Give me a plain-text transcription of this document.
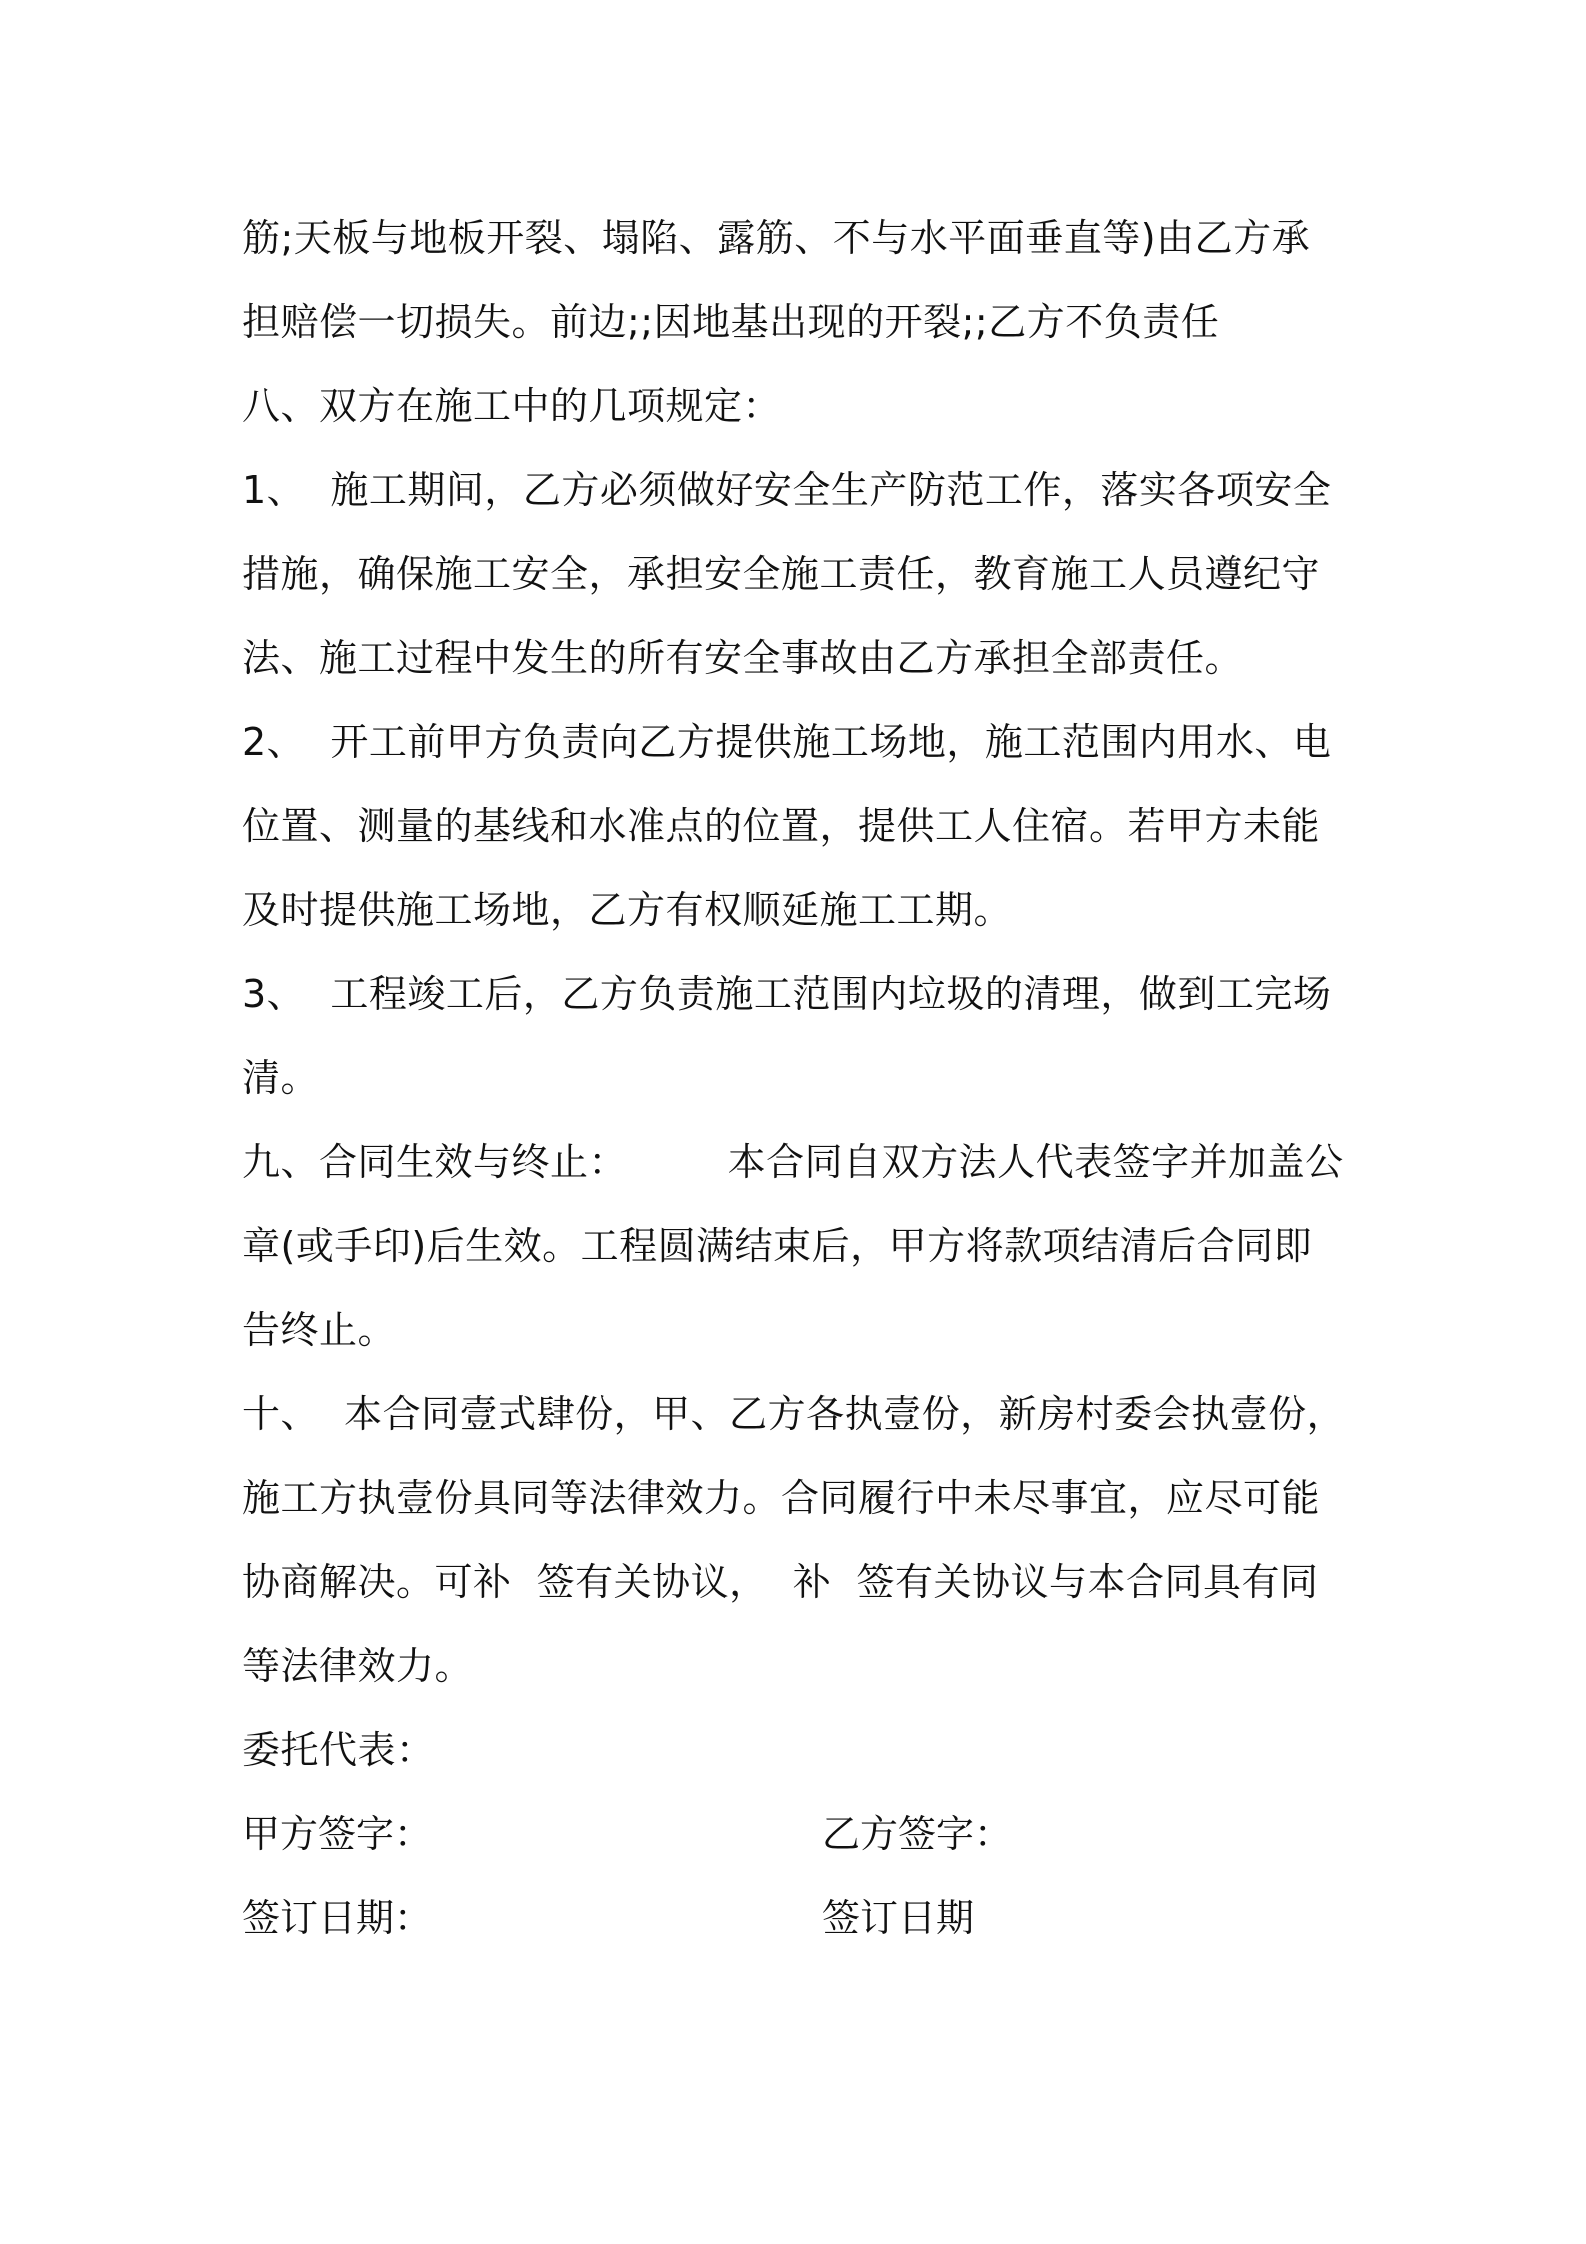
筋;天板与地板开裂、塌陷、露筋、不与水平面垂直等)由乙方承
担赔偿一切损失。前边;;因地基出现的开裂;;乙方不负责任
八、双方在施工中的几项规定：
1、  施工期间，乙方必须做好安全生产防范工作，落实各项安全
措施，确保施工安全，承担安全施工责任，教育施工人员遵纪守
法、施工过程中发生的所有安全事故由乙方承担全部责任。
2、  开工前甲方负责向乙方提供施工场地，施工范围内用水、电
位置、测量的基线和水准点的位置，提供工人住宿。若甲方未能
及时提供施工场地，乙方有权顺延施工工期。
3、  工程竣工后，乙方负责施工范围内垃圾的清理，做到工完场
清。
九、合同生效与终止：        本合同自双方法人代表签字并加盖公
章(或手印)后生效。工程圆满结束后，甲方将款项结清后合同即
告终止。
十、  本合同壹式肆份，甲、乙方各执壹份，新房村委会执壹份，
施工方执壹份具同等法律效力。合同履行中未尽事宜，应尽可能
协商解决。可补  签有关协议，  补  签有关协议与本合同具有同
等法律效力。
委托代表：
甲方签字：	乙方签字：
签订日期：	签订日期
